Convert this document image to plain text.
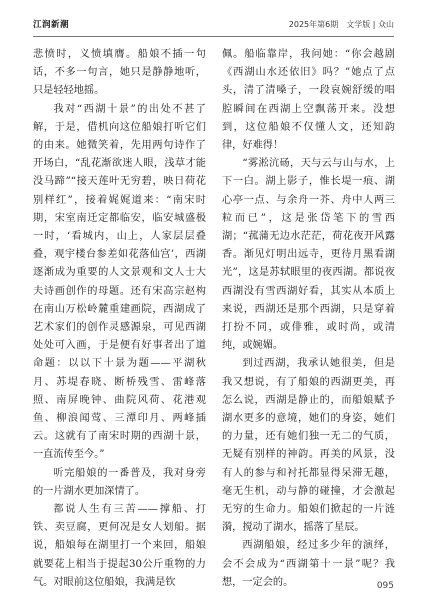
江润新潮	2025年第6期　文学版 | 众山

悲愤时，义愤填膺。船娘不插一句话，不多一句言，她只是静静地听，只是轻轻地摇。

我对“西湖十景”的出处不甚了解，于是，借机向这位船娘打听它们的由来。她微笑着，先用两句诗作了开场白，“乱花渐欲迷人眼，浅草才能没马蹄”“接天莲叶无穷碧，映日荷花别样红”，接着娓娓道来：“南宋时期，宋室南迁定都临安，临安城盛极一时，‘看城内，山上，人家层层叠叠，观宇楼台参差如花落仙宫’，西湖逐渐成为重要的人文景观和文人士大夫诗画创作的母题。还有宋高宗赵构在南山万松岭麓重建画院，西湖成了艺术家们的创作灵感源泉，可见西湖处处可入画，于是便有好事者出了道命题：以以下十景为题——平湖秋月、苏堤春晓、断桥残雪、雷峰落照、南屏晚钟、曲院风荷、花港观鱼、柳浪闻莺、三潭印月、两峰插云。这就有了南宋时期的西湖十景，一直流传至今。”

听完船娘的一番普及，我对身旁的一片湖水更加深情了。

都说人生有三苦——撑船、打铁、卖豆腐，更何况是女人划船。据说，船娘每在湖里打一个来回，船娘就要花上相当于提起30公斤重物的力气。对眼前这位船娘，我满是钦

佩。船临靠岸，我问她：“你会越剧《西湖山水还依旧》吗？”她点了点头，清了清嗓子，一段哀婉舒缓的唱腔瞬间在西湖上空飘荡开来。没想到，这位船娘不仅懂人文，还知韵律，好难得！

“雾淞沆砀，天与云与山与水，上下一白。湖上影子，惟长堤一痕、湖心亭一点、与余舟一芥、舟中人两三粒而已”，这是张岱笔下的雪西湖；“菰蒲无边水茫茫，荷花夜开风露香。渐见灯明出远寺，更待月黑看湖光”，这是苏轼眼里的夜西湖。都说夜西湖没有雪西湖好看，其实从本质上来说，西湖还是那个西湖，只是穿着打扮不同，或俳雅，或时尚，或清纯，或婉媚。

到过西湖，我承认她很美，但是我又想说，有了船娘的西湖更美，再怎么说，西湖是静止的，而船娘赋予湖水更多的意境，她们的身姿，她们的力量，还有她们独一无二的气质，无疑有别样的神韵。再美的风景，没有人的参与和衬托都显得呆滞无趣，毫无生机，动与静的碰撞，才会激起无穷的生命力。船娘们掀起的一片涟漪，搅动了湖水，摇落了星辰。

西湖船娘，经过多少年的演绎，会不会成为“西湖第十一景”呢？我想，一定会的。	095
